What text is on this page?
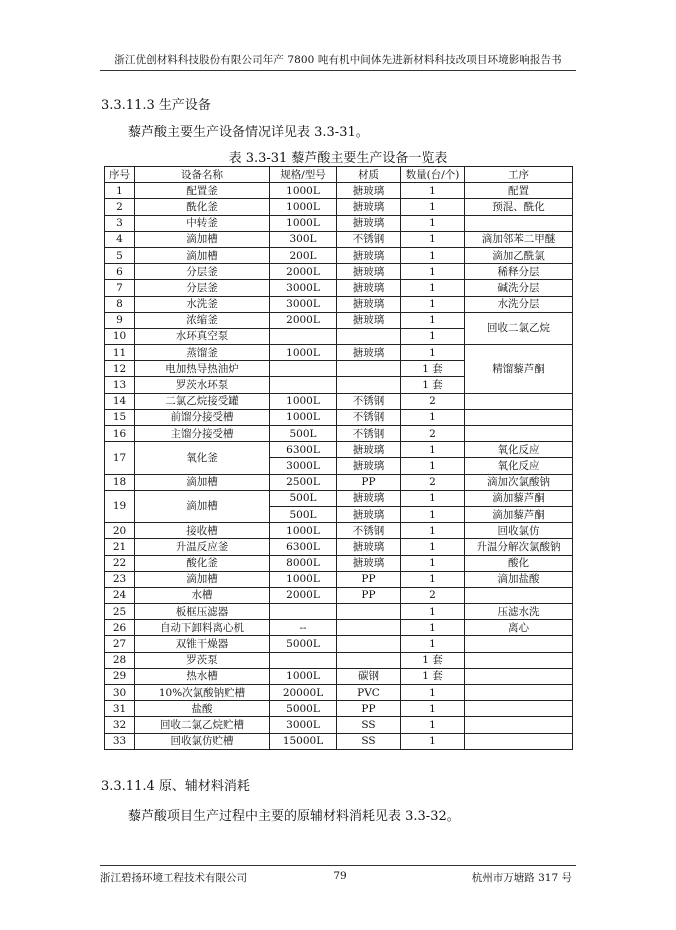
浙江优创材料科技股份有限公司年产 7800 吨有机中间体先进新材料科技改项目环境影响报告书
3.3.11.3 生产设备
藜芦酸主要生产设备情况详见表 3.3-31。
表 3.3-31 藜芦酸主要生产设备一览表
序号	设备名称	规格/型号	材质	数量(台/个)	工序
1	配置釜	1000L	搪玻璃	1	配置
2	酰化釜	1000L	搪玻璃	1	预混、酰化
3	中转釜	1000L	搪玻璃	1	
4	滴加槽	300L	不锈钢	1	滴加邻苯二甲醚
5	滴加槽	200L	搪玻璃	1	滴加乙酰氯
6	分层釜	2000L	搪玻璃	1	稀释分层
7	分层釜	3000L	搪玻璃	1	碱洗分层
8	水洗釜	3000L	搪玻璃	1	水洗分层
9	浓缩釜	2000L	搪玻璃	1	回收二氯乙烷
10	水环真空泵			1	
11	蒸馏釜	1000L	搪玻璃	1	精馏藜芦酮
12	电加热导热油炉			1 套	
13	罗茨水环泵			1 套	
14	二氯乙烷接受罐	1000L	不锈钢	2	
15	前馏分接受槽	1000L	不锈钢	1	
16	主馏分接受槽	500L	不锈钢	2	
17	氧化釜	6300L	搪玻璃	1	氧化反应
		3000L	搪玻璃	1	氧化反应
18	滴加槽	2500L	PP	2	滴加次氯酸钠
19	滴加槽	500L	搪玻璃	1	滴加藜芦酮
		500L	搪玻璃	1	滴加藜芦酮
20	接收槽	1000L	不锈钢	1	回收氯仿
21	升温反应釜	6300L	搪玻璃	1	升温分解次氯酸钠
22	酸化釜	8000L	搪玻璃	1	酸化
23	滴加槽	1000L	PP	1	滴加盐酸
24	水槽	2000L	PP	2	
25	板框压滤器			1	压滤水洗
26	自动下卸料离心机	--		1	离心
27	双锥干燥器	5000L		1	
28	罗茨泵			1 套	
29	热水槽	1000L	碳钢	1 套	
30	10%次氯酸钠贮槽	20000L	PVC	1	
31	盐酸	5000L	PP	1	
32	回收二氯乙烷贮槽	3000L	SS	1	
33	回收氯仿贮槽	15000L	SS	1	
3.3.11.4 原、辅材料消耗
藜芦酸项目生产过程中主要的原辅材料消耗见表 3.3-32。
浙江碧扬环境工程技术有限公司	79	杭州市万塘路 317 号
